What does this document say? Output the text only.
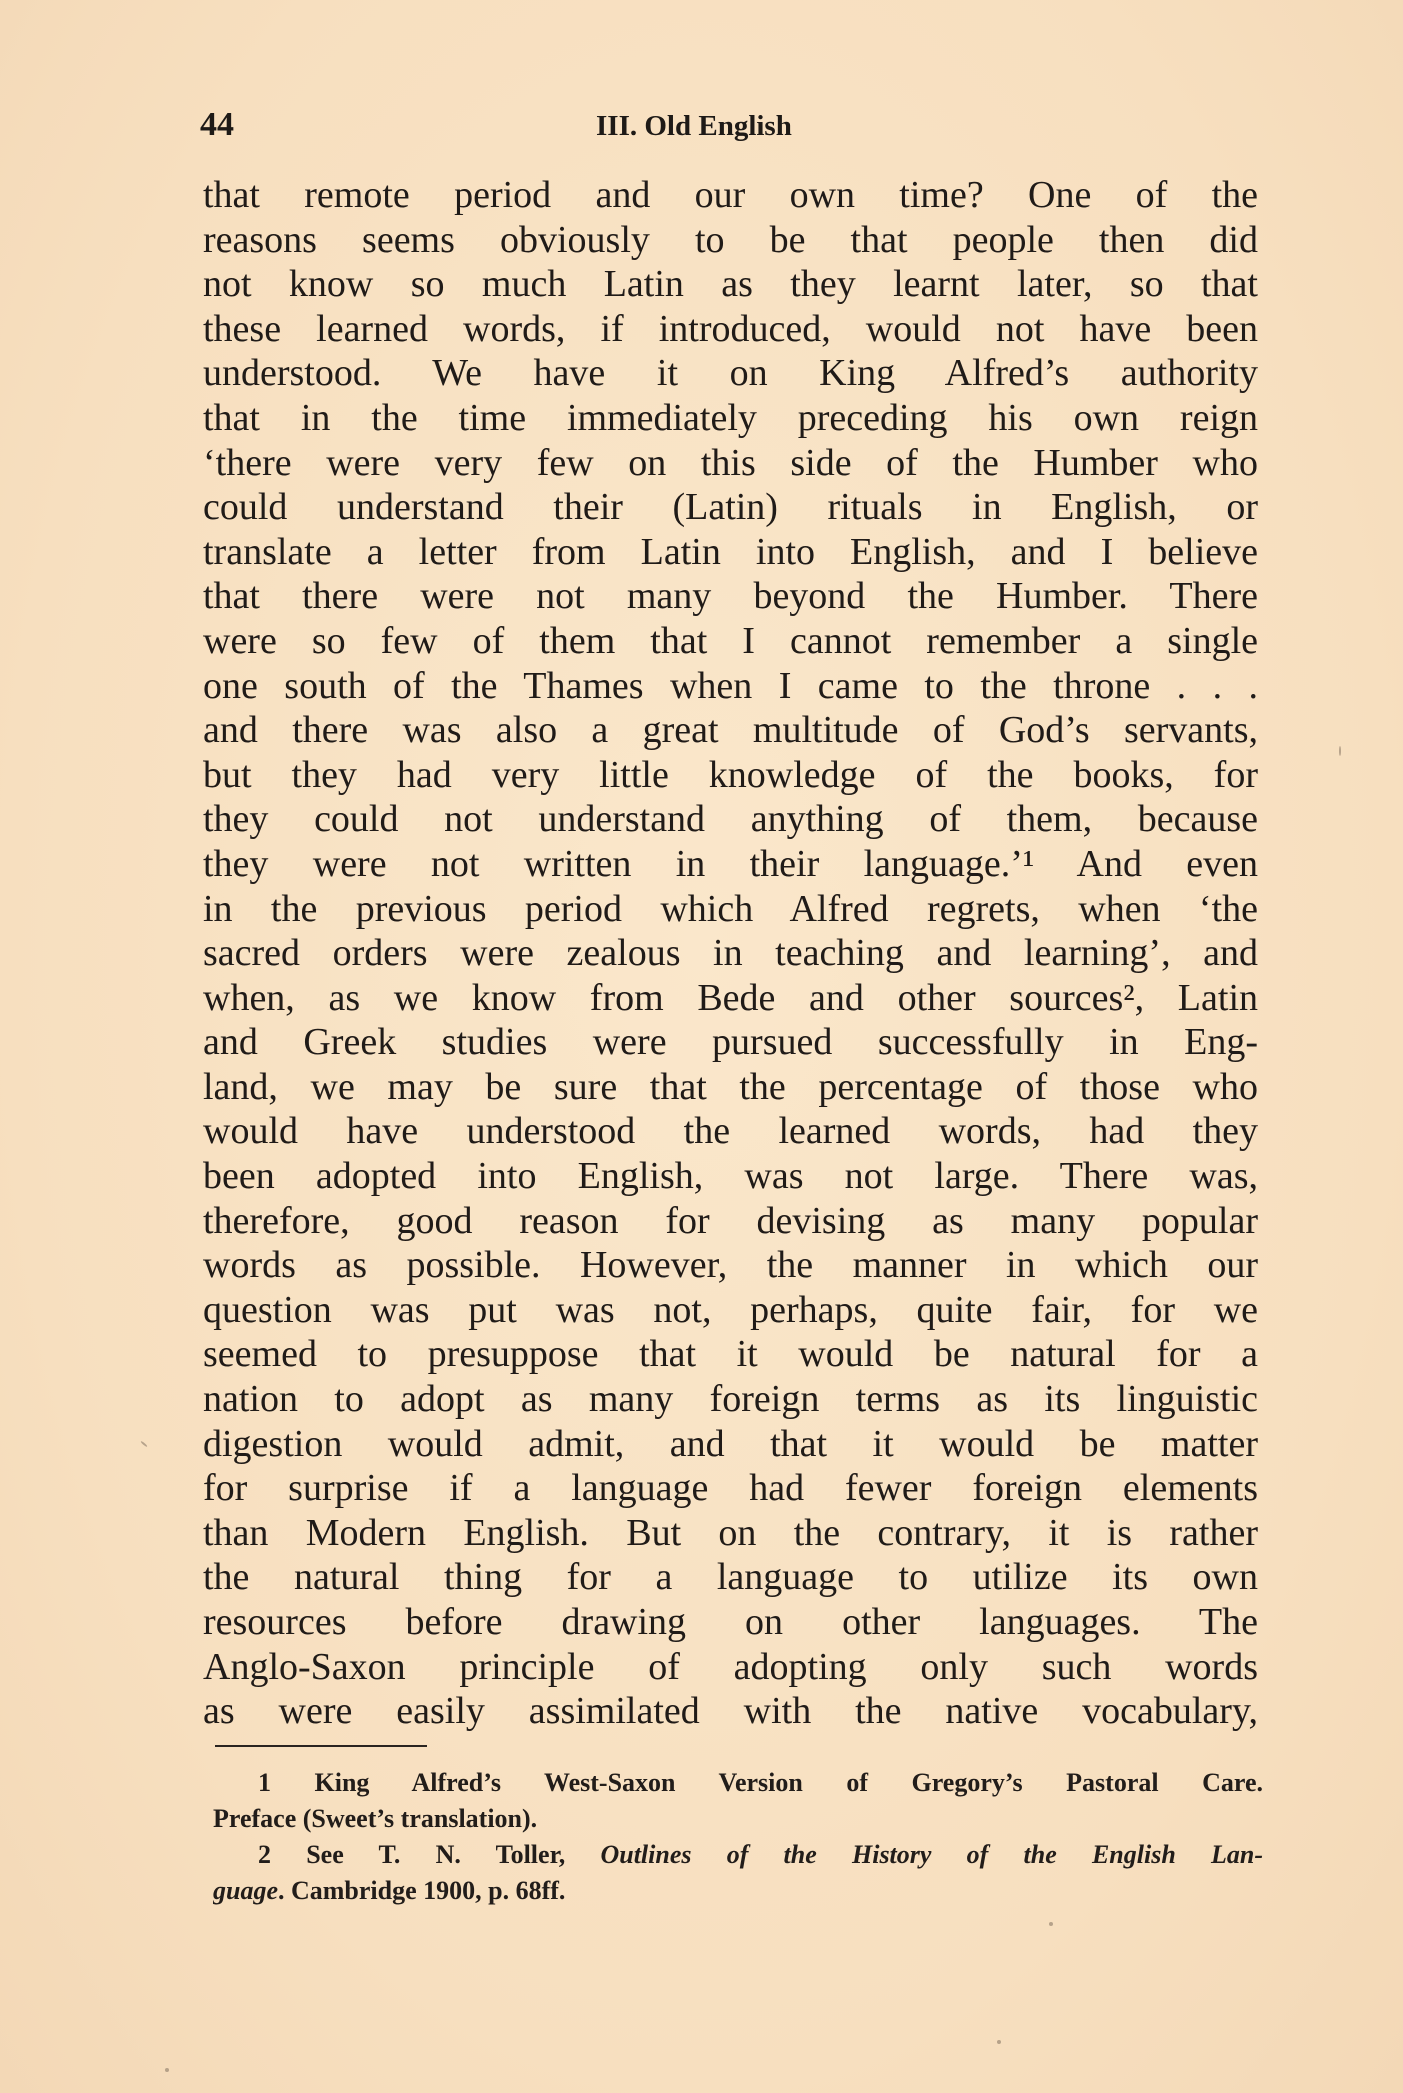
44	III. Old English
that remote period and our own time? One of the
reasons seems obviously to be that people then did
not know so much Latin as they learnt later, so that
these learned words, if introduced, would not have been
understood. We have it on King Alfred’s authority
that in the time immediately preceding his own reign
‘there were very few on this side of the Humber who
could understand their (Latin) rituals in English, or
translate a letter from Latin into English, and I believe
that there were not many beyond the Humber. There
were so few of them that I cannot remember a single
one south of the Thames when I came to the throne . . .
and there was also a great multitude of God’s servants,
but they had very little knowledge of the books, for
they could not understand anything of them, because
they were not written in their language.’¹ And even
in the previous period which Alfred regrets, when ‘the
sacred orders were zealous in teaching and learning’, and
when, as we know from Bede and other sources², Latin
and Greek studies were pursued successfully in Eng-
land, we may be sure that the percentage of those who
would have understood the learned words, had they
been adopted into English, was not large. There was,
therefore, good reason for devising as many popular
words as possible. However, the manner in which our
question was put was not, perhaps, quite fair, for we
seemed to presuppose that it would be natural for a
nation to adopt as many foreign terms as its linguistic
digestion would admit, and that it would be matter
for surprise if a language had fewer foreign elements
than Modern English. But on the contrary, it is rather
the natural thing for a language to utilize its own
resources before drawing on other languages. The
Anglo-Saxon principle of adopting only such words
as were easily assimilated with the native vocabulary,
1 King Alfred’s West-Saxon Version of Gregory’s Pastoral Care.
Preface (Sweet’s translation).
2 See T. N. Toller, Outlines of the History of the English Lan-
guage. Cambridge 1900, p. 68ff.
